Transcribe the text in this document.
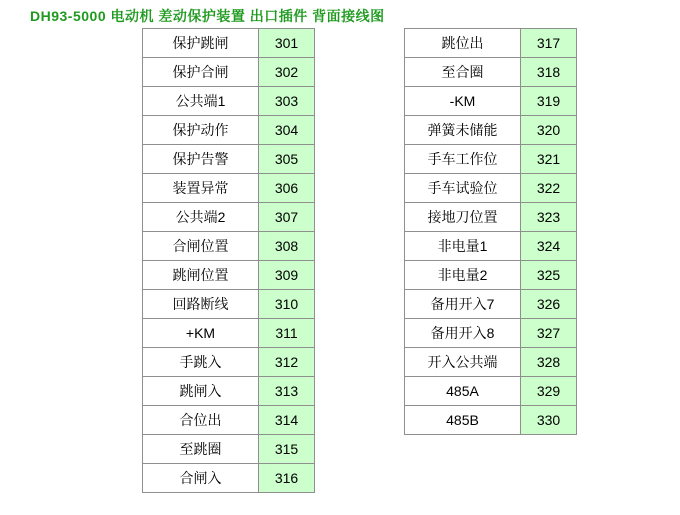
DH93-5000 电动机 差动保护装置 出口插件 背面接线图
保护跳闸	301
保护合闸	302
公共端1	303
保护动作	304
保护告警	305
装置异常	306
公共端2	307
合闸位置	308
跳闸位置	309
回路断线	310
+KM	311
手跳入	312
跳闸入	313
合位出	314
至跳圈	315
合闸入	316
跳位出	317
至合圈	318
-KM	319
弹簧未储能	320
手车工作位	321
手车试验位	322
接地刀位置	323
非电量1	324
非电量2	325
备用开入7	326
备用开入8	327
开入公共端	328
485A	329
485B	330
